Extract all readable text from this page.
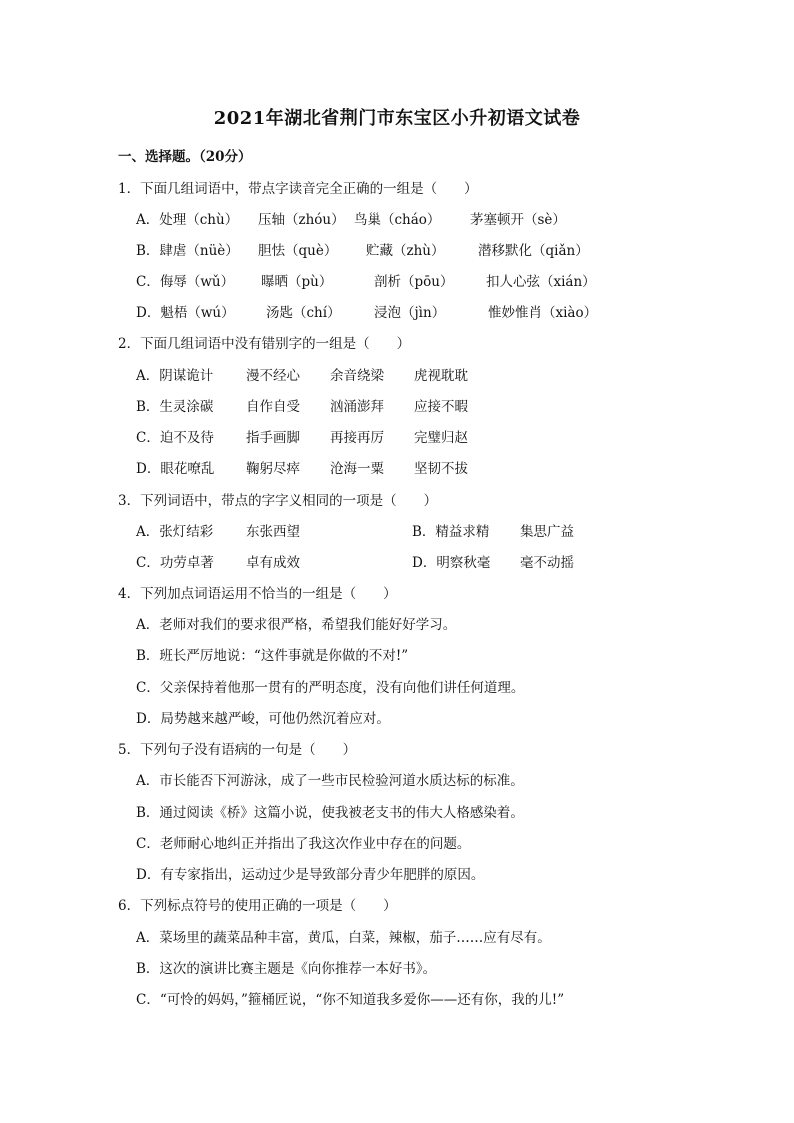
2021年湖北省荆门市东宝区小升初语文试卷
一、选择题。（20分）
1．下面几组词语中，带点字读音完全正确的一组是（　　）
A．处理（chù）	压轴（zhóu） 鸟巢（cháo）	茅塞顿开（sè）
B．肆虐（nüè）	胆怯（què）	贮藏（zhù）	潜移默化（qiǎn）
C．侮辱（wǔ）	曝晒（pù）	剖析（pōu）	扣人心弦（xián）
D．魁梧（wú）	汤匙（chí）	浸泡（jìn）	惟妙惟肖（xiào）
2．下面几组词语中没有错别字的一组是（　　）
A．阴谋诡计	漫不经心	余音绕梁	虎视耽耽
B．生灵涂碳	自作自受	汹涌澎拜	应接不暇
C．迫不及待	指手画脚	再接再厉	完璧归赵
D．眼花嘹乱	鞠躬尽瘁	沧海一粟	坚韧不拔
3．下列词语中，带点的字字义相同的一项是（　　）
A．张灯结彩	东张西望	B．精益求精	集思广益
C．功劳卓著	卓有成效	D．明察秋毫	毫不动摇
4．下列加点词语运用不恰当的一组是（　　）
A．老师对我们的要求很严格，希望我们能好好学习。
B．班长严厉地说：“这件事就是你做的不对!”
C．父亲保持着他那一贯有的严明态度，没有向他们讲任何道理。
D．局势越来越严峻，可他仍然沉着应对。
5．下列句子没有语病的一句是（　　）
A．市长能否下河游泳，成了一些市民检验河道水质达标的标准。
B．通过阅读《桥》这篇小说，使我被老支书的伟大人格感染着。
C．老师耐心地纠正并指出了我这次作业中存在的问题。
D．有专家指出，运动过少是导致部分青少年肥胖的原因。
6．下列标点符号的使用正确的一项是（　　）
A．菜场里的蔬菜品种丰富，黄瓜，白菜，辣椒，茄子……应有尽有。
B．这次的演讲比赛主题是《向你推荐一本好书》。
C．“可怜的妈妈，”箍桶匠说，“你不知道我多爱你——还有你，我的儿!”
